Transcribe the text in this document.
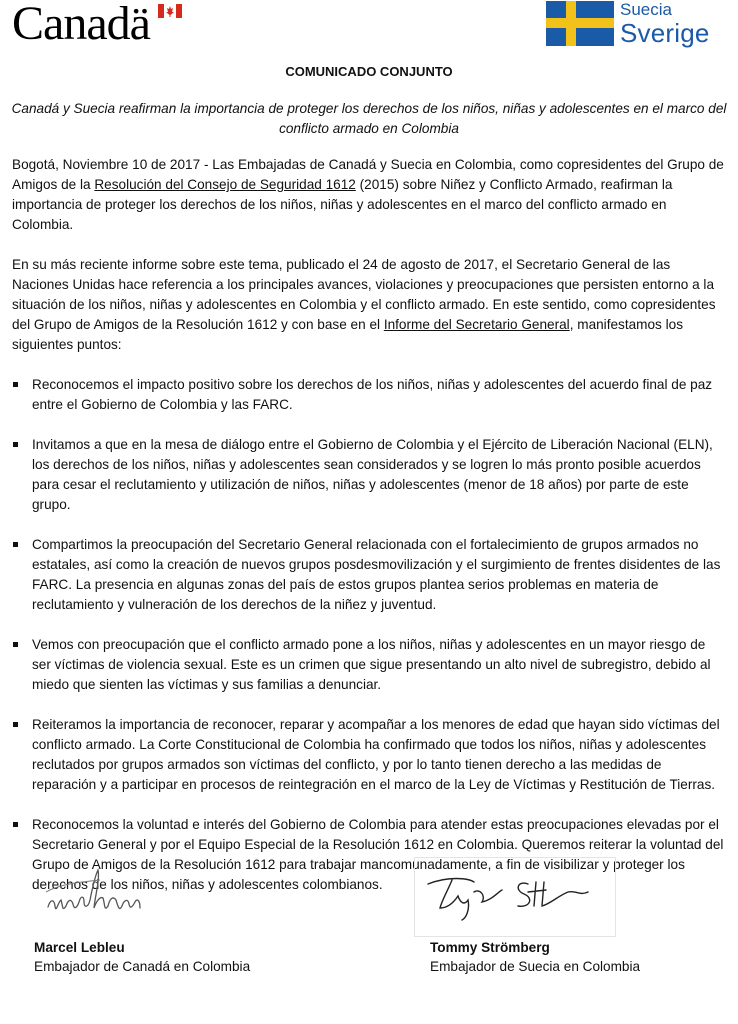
Canadä	Suecia
Sverige
COMUNICADO CONJUNTO
Canadá y Suecia reafirman la importancia de proteger los derechos de los niños, niñas y adolescentes en el marco del conflicto armado en Colombia

Bogotá, Noviembre 10 de 2017 - Las Embajadas de Canadá y Suecia en Colombia, como copresidentes del Grupo de Amigos de la Resolución del Consejo de Seguridad 1612 (2015) sobre Niñez y Conflicto Armado, reafirman la importancia de proteger los derechos de los niños, niñas y adolescentes en el marco del conflicto armado en Colombia.

En su más reciente informe sobre este tema, publicado el 24 de agosto de 2017, el Secretario General de las Naciones Unidas hace referencia a los principales avances, violaciones y preocupaciones que persisten entorno a la situación de los niños, niñas y adolescentes en Colombia y el conflicto armado. En este sentido, como copresidentes del Grupo de Amigos de la Resolución 1612 y con base en el Informe del Secretario General, manifestamos los siguientes puntos:

Reconocemos el impacto positivo sobre los derechos de los niños, niñas y adolescentes del acuerdo final de paz entre el Gobierno de Colombia y las FARC.
Invitamos a que en la mesa de diálogo entre el Gobierno de Colombia y el Ejército de Liberación Nacional (ELN), los derechos de los niños, niñas y adolescentes sean considerados y se logren lo más pronto posible acuerdos para cesar el reclutamiento y utilización de niños, niñas y adolescentes (menor de 18 años) por parte de este grupo.
Compartimos la preocupación del Secretario General relacionada con el fortalecimiento de grupos armados no estatales, así como la creación de nuevos grupos posdesmovilización y el surgimiento de frentes disidentes de las FARC. La presencia en algunas zonas del país de estos grupos plantea serios problemas en materia de reclutamiento y vulneración de los derechos de la niñez y juventud.
Vemos con preocupación que el conflicto armado pone a los niños, niñas y adolescentes en un mayor riesgo de ser víctimas de violencia sexual. Este es un crimen que sigue presentando un alto nivel de subregistro, debido al miedo que sienten las víctimas y sus familias a denunciar.
Reiteramos la importancia de reconocer, reparar y acompañar a los menores de edad que hayan sido víctimas del conflicto armado. La Corte Constitucional de Colombia ha confirmado que todos los niños, niñas y adolescentes reclutados por grupos armados son víctimas del conflicto, y por lo tanto tienen derecho a las medidas de reparación y a participar en procesos de reintegración en el marco de la Ley de Víctimas y Restitución de Tierras.
Reconocemos la voluntad e interés del Gobierno de Colombia para atender estas preocupaciones elevadas por el Secretario General y por el Equipo Especial de la Resolución 1612 en Colombia. Queremos reiterar la voluntad del Grupo de Amigos de la Resolución 1612 para trabajar mancomunadamente, a fin de visibilizar y proteger los derechos de los niños, niñas y adolescentes colombianos.
Marcel Lebleu
Embajador de Canadá en Colombia
Tommy Strömberg
Embajador de Suecia en Colombia
